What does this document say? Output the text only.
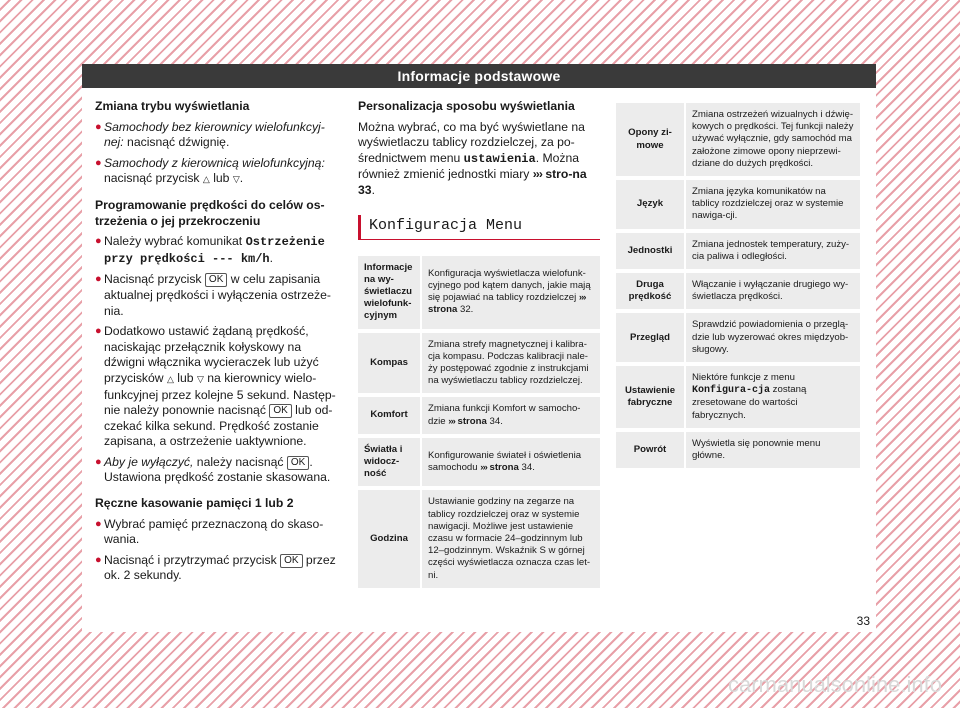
Informacje podstawowe
Zmiana trybu wyświetlania
● Samochody bez kierownicy wielofunkcyj-nej: nacisnąć dźwignię.
● Samochody z kierownicą wielofunkcyjną: nacisnąć przycisk △ lub ▽.
Programowanie prędkości do celów os-trzeżenia o jej przekroczeniu
● Należy wybrać komunikat Ostrzeżenie przy prędkości --- km/h.
● Nacisnąć przycisk OK w celu zapisania aktualnej prędkości i wyłączenia ostrzeże-nia.
● Dodatkowo ustawić żądaną prędkość, naciskając przełącznik kołyskowy na dźwigni włącznika wycieraczek lub użyć przycisków △ lub ▽ na kierownicy wielo-funkcyjnej przez kolejne 5 sekund. Następ-nie należy ponownie nacisnąć OK lub od-czekać kilka sekund. Prędkość zostanie zapisana, a ostrzeżenie uaktywnione.
● Aby je wyłączyć, należy nacisnąć OK . Ustawiona prędkość zostanie skasowana.
Ręczne kasowanie pamięci 1 lub 2
● Wybrać pamięć przeznaczoną do skaso-wania.
● Nacisnąć i przytrzymać przycisk OK przez ok. 2 sekundy.
Personalizacja sposobu wyświetlania

Można wybrać, co ma być wyświetlane na wyświetlaczu tablicy rozdzielczej, za po-średnictwem menu ustawienia. Można również zmienić jednostki miary ››› stro-na 33.

Konfiguracja Menu
Informacje na wy-świetlaczu wielofunk-cyjnym	Konfiguracja wyświetlacza wielofunk-cyjnego pod kątem danych, jakie mają się pojawiać na tablicy rozdzielczej ››› strona 32.
Kompas	Zmiana strefy magnetycznej i kalibra-cja kompasu. Podczas kalibracji nale-ży postępować zgodnie z instrukcjami na wyświetlaczu tablicy rozdzielczej.
Komfort	Zmiana funkcji Komfort w samocho-dzie ››› strona 34.
Światła i widocz-ność	Konfigurowanie świateł i oświetlenia samochodu ››› strona 34.
Godzina	Ustawianie godziny na zegarze na tablicy rozdzielczej oraz w systemie nawigacji. Możliwe jest ustawienie czasu w formacie 24–godzinnym lub 12–godzinnym. Wskaźnik S w górnej części wyświetlacza oznacza czas let-ni.
Opony zi-mowe	Zmiana ostrzeżeń wizualnych i dźwię-kowych o prędkości. Tej funkcji należy używać wyłącznie, gdy samochód ma założone zimowe opony nieprzewi-dziane do dużych prędkości.
Język	Zmiana języka komunikatów na tablicy rozdzielczej oraz w systemie nawiga-cji.
Jednostki	Zmiana jednostek temperatury, zuży-cia paliwa i odległości.
Druga prędkość	Włączanie i wyłączanie drugiego wy-świetlacza prędkości.
Przegląd	Sprawdzić powiadomienia o przeglą-dzie lub wyzerować okres międzyob-sługowy.
Ustawienie fabryczne	Niektóre funkcje z menu Konfigura-cja zostaną zresetowane do wartości fabrycznych.
Powrót	Wyświetla się ponownie menu główne.
33
carmanualsonline.info
